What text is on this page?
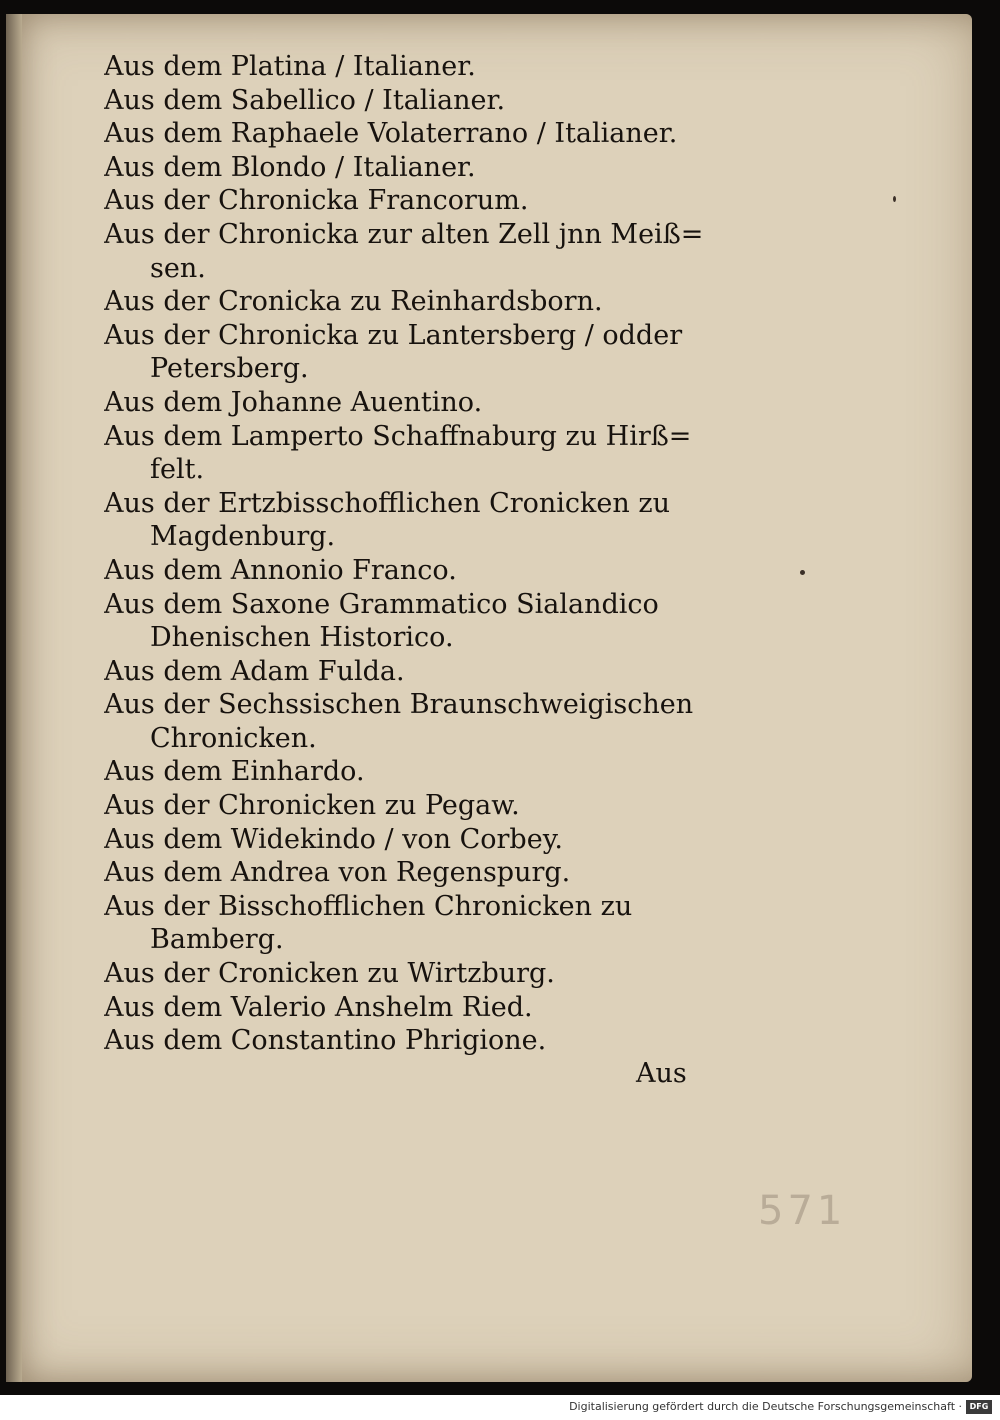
Aus dem Platina / Italianer.
Aus dem Sabellico / Italianer.
Aus dem Raphaele Volaterrano / Italianer.
Aus dem Blondo / Italianer.
Aus der Chronicka Francorum.
Aus der Chronicka zur alten Zell jnn Meiß=
sen.
Aus der Cronicka zu Reinhardsborn.
Aus der Chronicka zu Lantersberg / odder
Petersberg.
Aus dem Johanne Auentino.
Aus dem Lamperto Schaffnaburg zu Hirß=
felt.
Aus der Ertzbisschofflichen Cronicken zu
Magdenburg.
Aus dem Annonio Franco.
Aus dem Saxone Grammatico Sialandico
Dhenischen Historico.
Aus dem Adam Fulda.
Aus der Sechssischen Braunschweigischen
Chronicken.
Aus dem Einhardo.
Aus der Chronicken zu Pegaw.
Aus dem Widekindo / von Corbey.
Aus dem Andrea von Regenspurg.
Aus der Bisschofflichen Chronicken zu
Bamberg.
Aus der Cronicken zu Wirtzburg.
Aus dem Valerio Anshelm Ried.
Aus dem Constantino Phrigione.
Aus
571
Digitalisierung gefördert durch die Deutsche Forschungsgemeinschaft · DFG
